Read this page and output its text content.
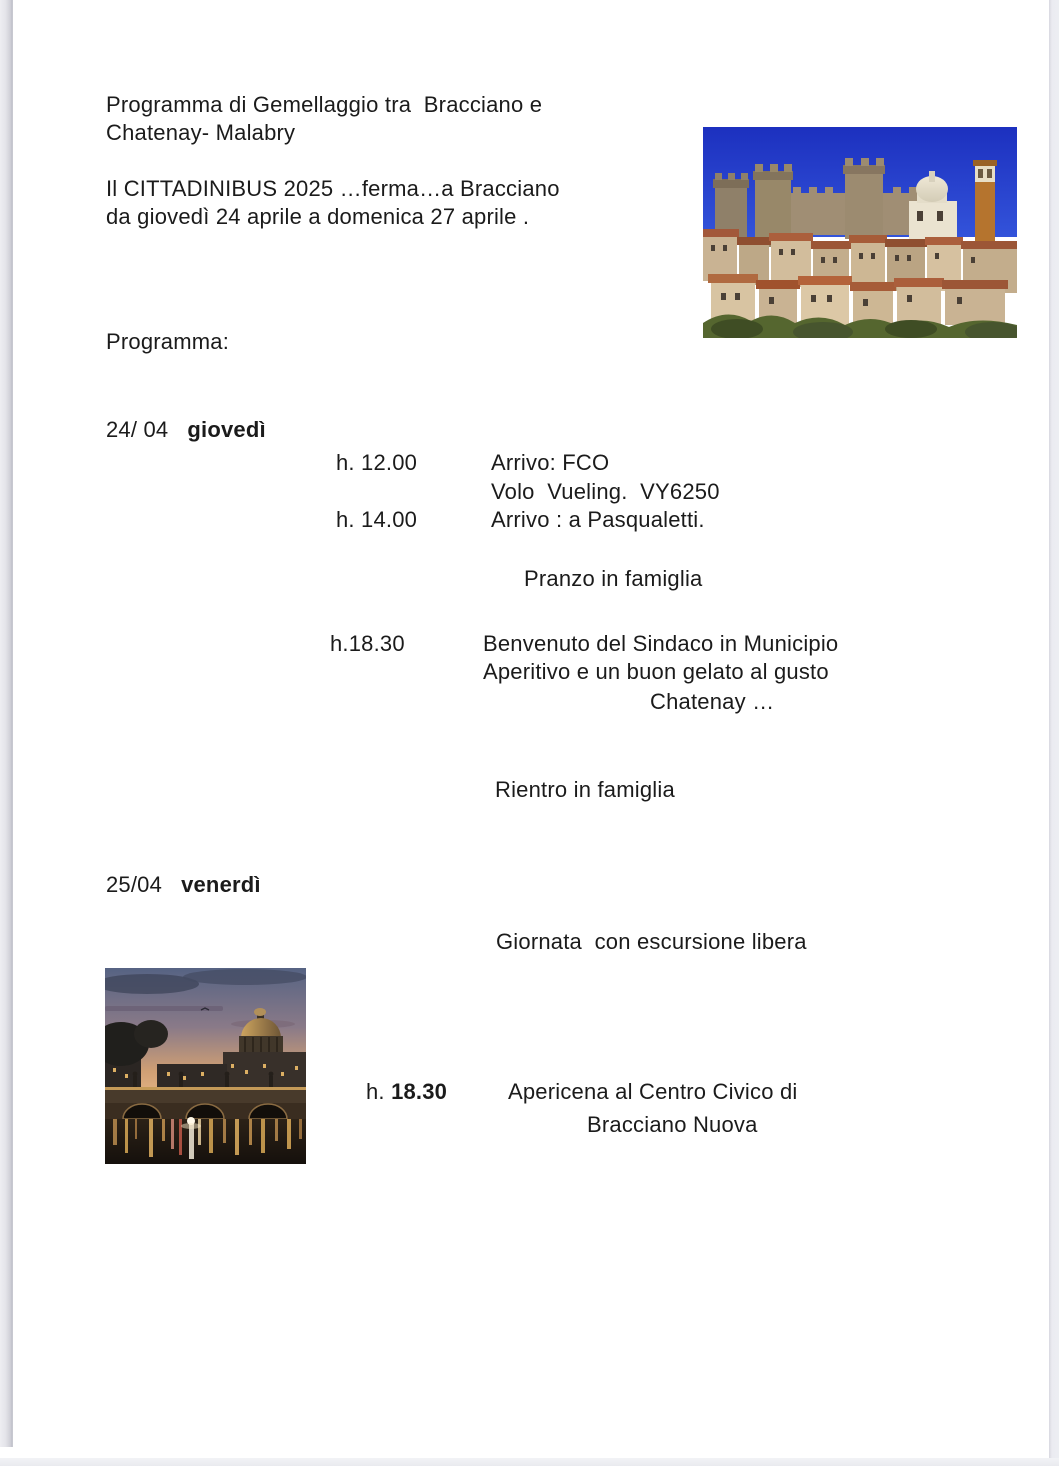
Programma di Gemellaggio tra  Bracciano e
Chatenay- Malabry
Il CITTADINIBUS 2025 …ferma…a Bracciano
da giovedì 24 aprile a domenica 27 aprile .
Programma:
24/ 04 giovedì
h. 12.00	Arrivo: FCO
Volo  Vueling.  VY6250
h. 14.00	Arrivo : a Pasqualetti.
Pranzo in famiglia
h.18.30	Benvenuto del Sindaco in Municipio
Aperitivo e un buon gelato al gusto
Chatenay …
Rientro in famiglia
25/04 venerdì
Giornata  con escursione libera
h. 18.30	Apericena al Centro Civico di
Bracciano Nuova
